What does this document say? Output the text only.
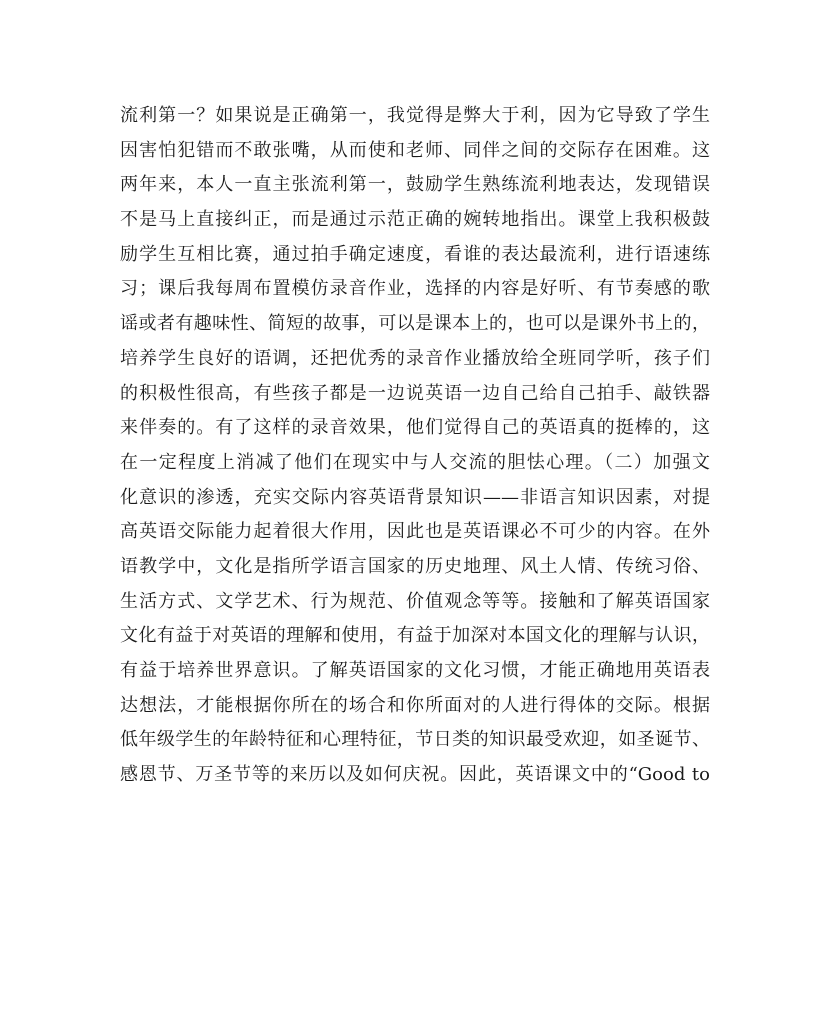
流利第一？如果说是正确第一，我觉得是弊大于利，因为它导致了学生
因害怕犯错而不敢张嘴，从而使和老师、同伴之间的交际存在困难。这
两年来，本人一直主张流利第一，鼓励学生熟练流利地表达，发现错误
不是马上直接纠正，而是通过示范正确的婉转地指出。课堂上我积极鼓
励学生互相比赛，通过拍手确定速度，看谁的表达最流利，进行语速练
习；课后我每周布置模仿录音作业，选择的内容是好听、有节奏感的歌
谣或者有趣味性、简短的故事，可以是课本上的，也可以是课外书上的，
培养学生良好的语调，还把优秀的录音作业播放给全班同学听，孩子们
的积极性很高，有些孩子都是一边说英语一边自己给自己拍手、敲铁器
来伴奏的。有了这样的录音效果，他们觉得自己的英语真的挺棒的，这
在一定程度上消减了他们在现实中与人交流的胆怯心理。（二）加强文
化意识的渗透，充实交际内容英语背景知识——非语言知识因素，对提
高英语交际能力起着很大作用，因此也是英语课必不可少的内容。在外
语教学中，文化是指所学语言国家的历史地理、风土人情、传统习俗、
生活方式、文学艺术、行为规范、价值观念等等。接触和了解英语国家
文化有益于对英语的理解和使用，有益于加深对本国文化的理解与认识，
有益于培养世界意识。了解英语国家的文化习惯，才能正确地用英语表
达想法，才能根据你所在的场合和你所面对的人进行得体的交际。根据
低年级学生的年龄特征和心理特征，节日类的知识最受欢迎，如圣诞节、
感恩节、万圣节等的来历以及如何庆祝。因此，英语课文中的“Good to
